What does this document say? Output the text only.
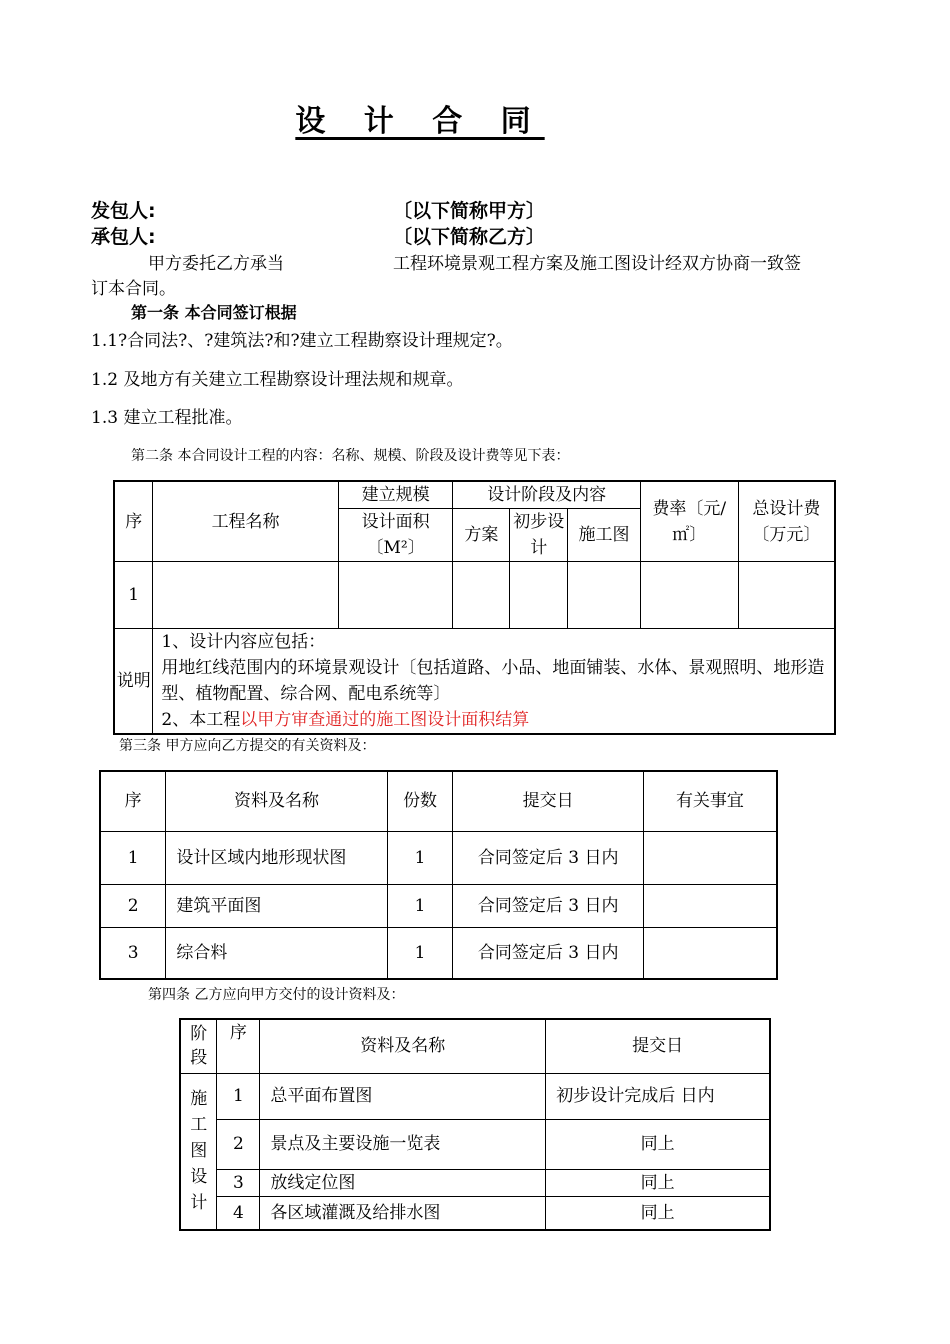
设 计 合 同
发包人:	〔以下简称甲方〕
承包人:	〔以下简称乙方〕
甲方委托乙方承当	工程环境景观工程方案及施工图设计经双方协商一致签
订本合同。
第一条 本合同签订根据
1.1?合同法?、?建筑法?和?建立工程勘察设计理规定?。
1.2 及地方有关建立工程勘察设计理法规和规章。
1.3 建立工程批准。
第二条 本合同设计工程的内容：名称、规模、阶段及设计费等见下表：
序	工程名称	建立规模	设计阶段及内容			费率〔元/㎡〕	总设计费〔万元〕
		设计面积〔M²〕	方案	初步设计	施工图		
1							
说明	1、设计内容应包括：
用地红线范围内的环境景观设计〔包括道路、小品、地面铺装、水体、景观照明、地形造型、植物配置、综合网、配电系统等〕
2、本工程以甲方审查通过的施工图设计面积结算						
第三条 甲方应向乙方提交的有关资料及：
序	资料及名称	份数	提交日	有关事宜
1	设计区域内地形现状图	1	合同签定后 3 日内	
2	建筑平面图	1	合同签定后 3 日内	
3	综合料	1	合同签定后 3 日内	
第四条 乙方应向甲方交付的设计资料及：
阶段	序	资料及名称	提交日

施工图设计	1	总平面布置图	初步设计完成后 日内
	2	景点及主要设施一览表	同上
	3	放线定位图	同上
	4	各区域灌溉及给排水图	同上
